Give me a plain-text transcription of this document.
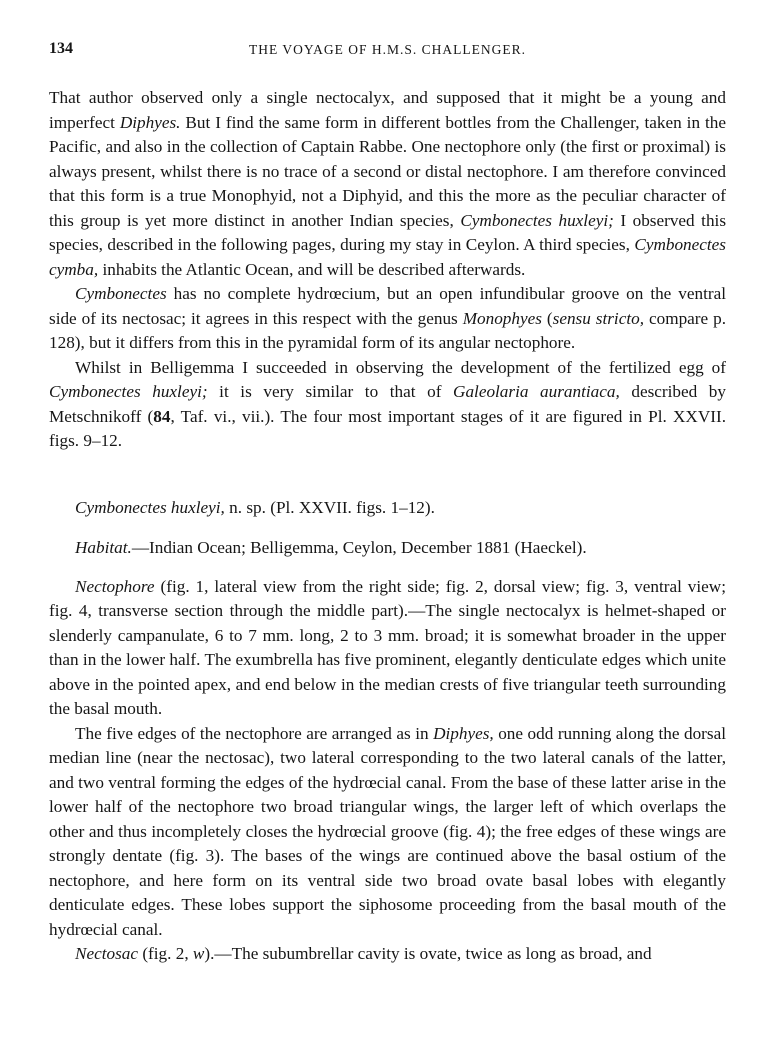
134	THE VOYAGE OF H.M.S. CHALLENGER.

That author observed only a single nectocalyx, and supposed that it might be a young and imperfect Diphyes. But I find the same form in different bottles from the Challenger, taken in the Pacific, and also in the collection of Captain Rabbe. One nectophore only (the first or proximal) is always present, whilst there is no trace of a second or distal nectophore. I am therefore convinced that this form is a true Monophyid, not a Diphyid, and this the more as the peculiar character of this group is yet more distinct in another Indian species, Cymbonectes huxleyi; I observed this species, described in the following pages, during my stay in Ceylon. A third species, Cymbonectes cymba, inhabits the Atlantic Ocean, and will be described afterwards.

Cymbonectes has no complete hydrœcium, but an open infundibular groove on the ventral side of its nectosac; it agrees in this respect with the genus Monophyes (sensu stricto, compare p. 128), but it differs from this in the pyramidal form of its angular nectophore.

Whilst in Belligemma I succeeded in observing the development of the fertilized egg of Cymbonectes huxleyi; it is very similar to that of Galeolaria aurantiaca, described by Metschnikoff (84, Taf. vi., vii.). The four most important stages of it are figured in Pl. XXVII. figs. 9–12.

Cymbonectes huxleyi, n. sp. (Pl. XXVII. figs. 1–12).

Habitat.—Indian Ocean; Belligemma, Ceylon, December 1881 (Haeckel).

Nectophore (fig. 1, lateral view from the right side; fig. 2, dorsal view; fig. 3, ventral view; fig. 4, transverse section through the middle part).—The single nectocalyx is helmet-shaped or slenderly campanulate, 6 to 7 mm. long, 2 to 3 mm. broad; it is somewhat broader in the upper than in the lower half. The exumbrella has five prominent, elegantly denticulate edges which unite above in the pointed apex, and end below in the median crests of five triangular teeth surrounding the basal mouth.

The five edges of the nectophore are arranged as in Diphyes, one odd running along the dorsal median line (near the nectosac), two lateral corresponding to the two lateral canals of the latter, and two ventral forming the edges of the hydrœcial canal. From the base of these latter arise in the lower half of the nectophore two broad triangular wings, the larger left of which overlaps the other and thus incompletely closes the hydrœcial groove (fig. 4); the free edges of these wings are strongly dentate (fig. 3). The bases of the wings are continued above the basal ostium of the nectophore, and here form on its ventral side two broad ovate basal lobes with elegantly denticulate edges. These lobes support the siphosome proceeding from the basal mouth of the hydrœcial canal.

Nectosac (fig. 2, w).—The subumbrellar cavity is ovate, twice as long as broad, and
